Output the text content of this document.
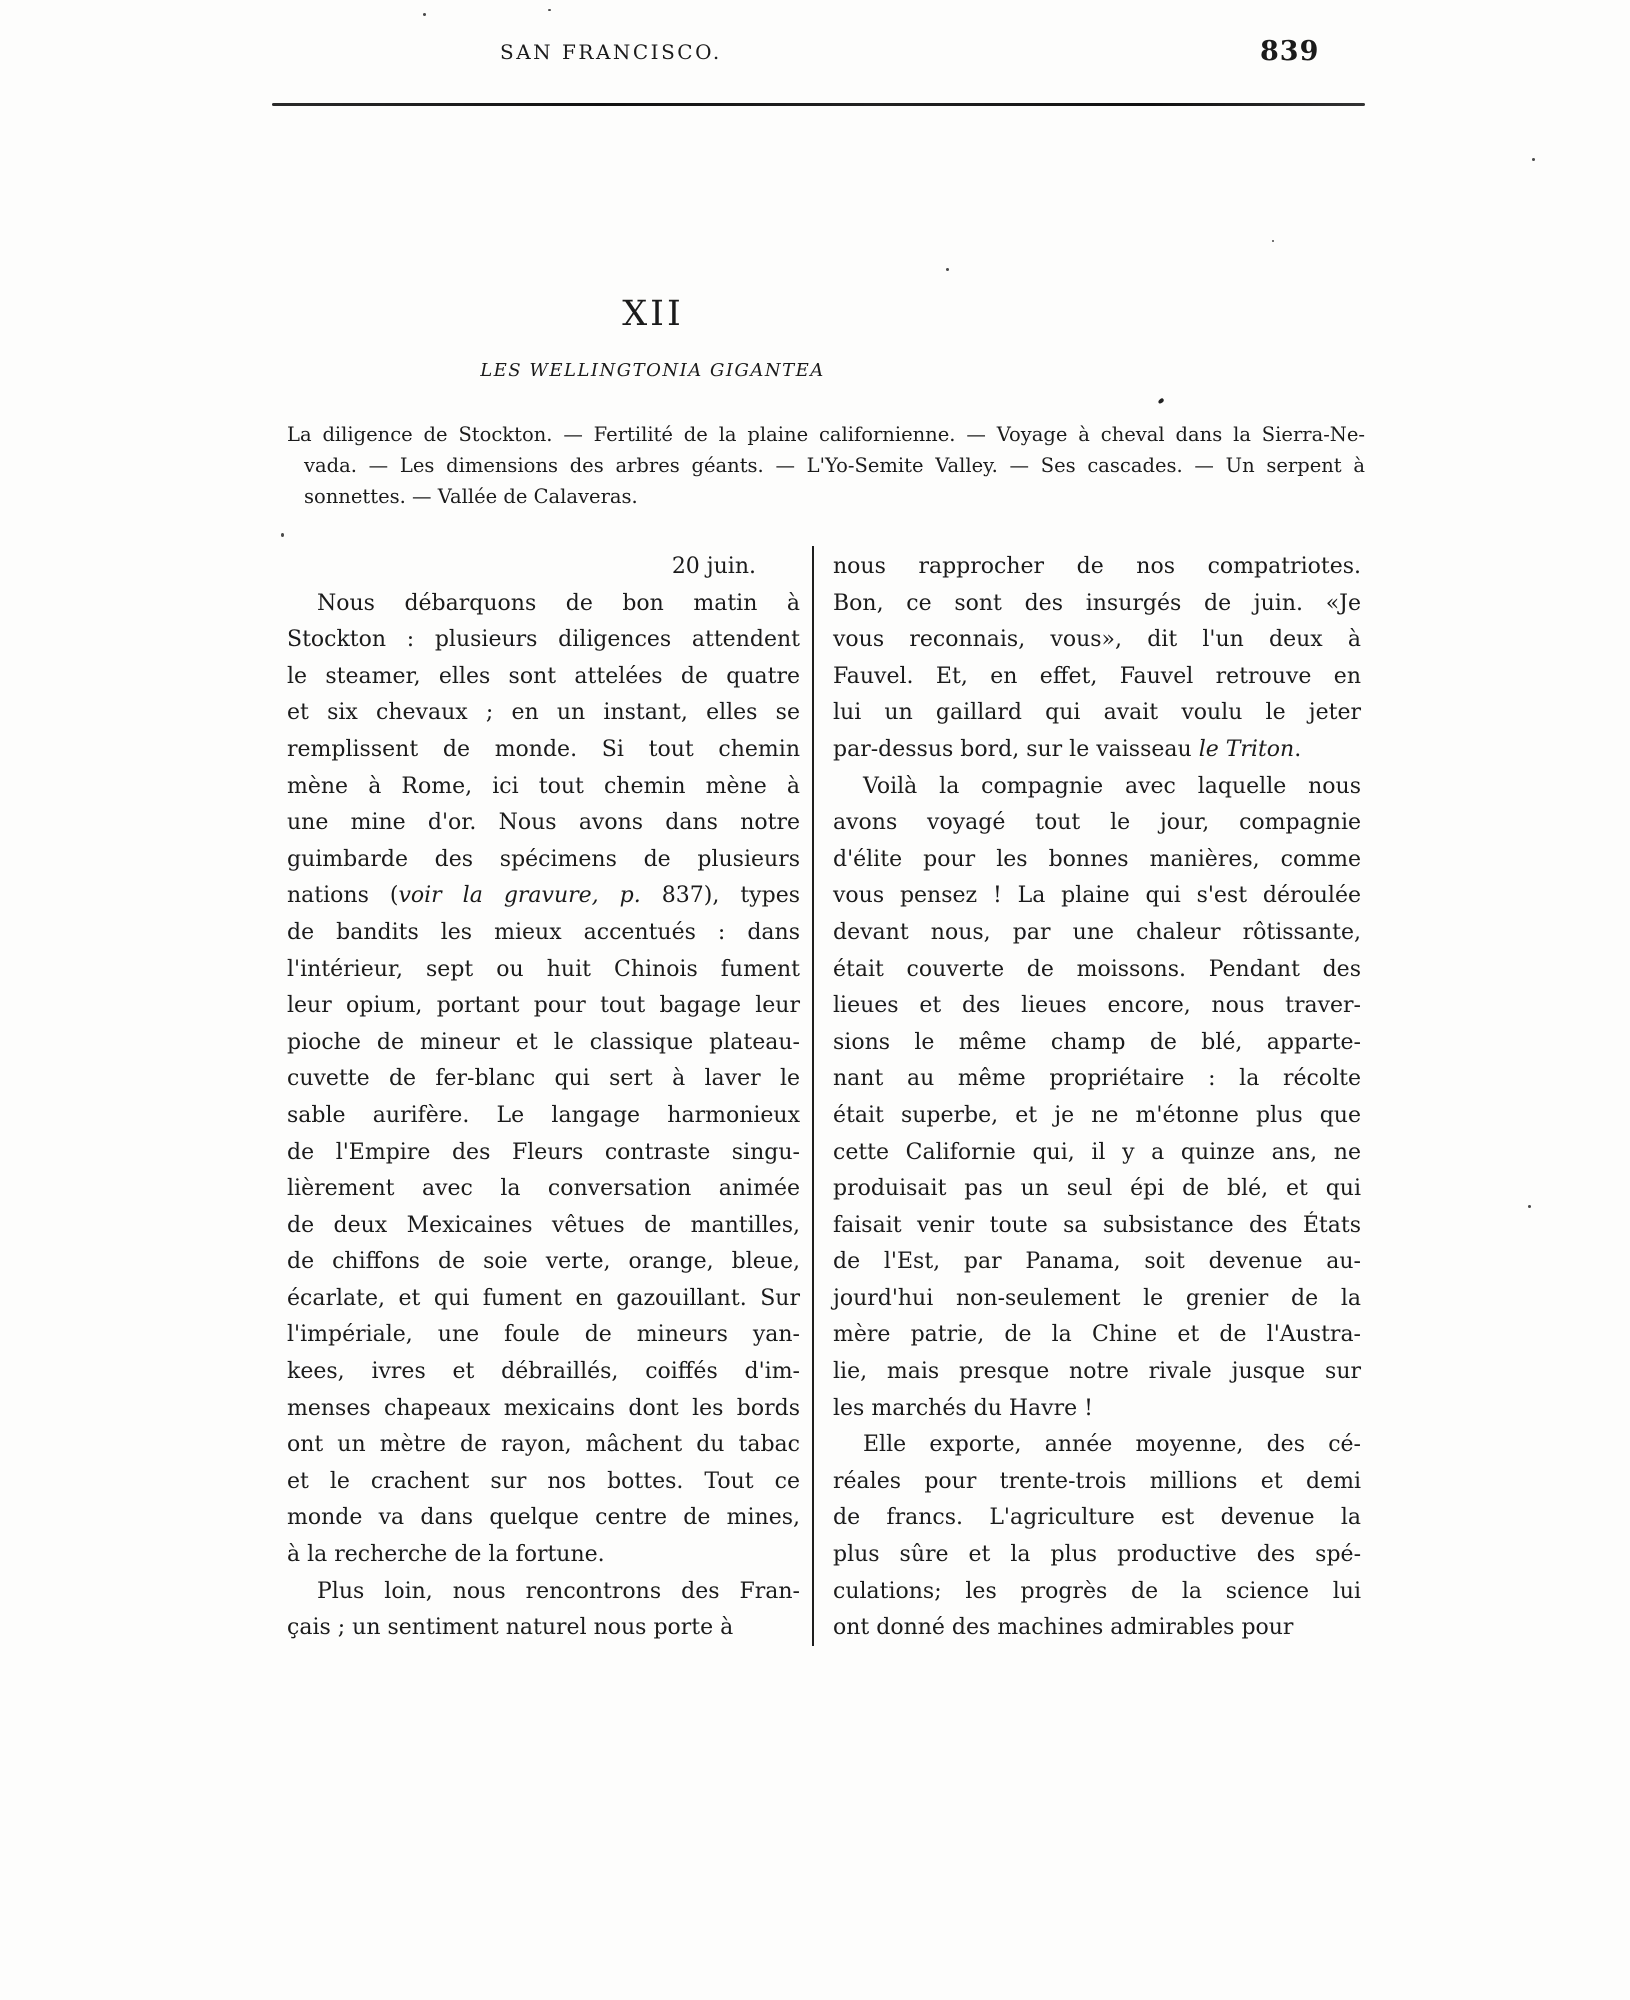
SAN FRANCISCO.	839
XII
LES WELLINGTONIA GIGANTEA
La diligence de Stockton. — Fertilité de la plaine californienne. — Voyage à cheval dans la Sierra-Ne-
vada. — Les dimensions des arbres géants. — L'Yo-Semite Valley. — Ses cascades. — Un serpent à
sonnettes. — Vallée de Calaveras.
20 juin.
Nous débarquons de bon matin à
Stockton : plusieurs diligences attendent
le steamer, elles sont attelées de quatre
et six chevaux ; en un instant, elles se
remplissent de monde. Si tout chemin
mène à Rome, ici tout chemin mène à
une mine d'or. Nous avons dans notre
guimbarde des spécimens de plusieurs
nations (voir la gravure, p. 837), types
de bandits les mieux accentués : dans
l'intérieur, sept ou huit Chinois fument
leur opium, portant pour tout bagage leur
pioche de mineur et le classique plateau-
cuvette de fer-blanc qui sert à laver le
sable aurifère. Le langage harmonieux
de l'Empire des Fleurs contraste singu-
lièrement avec la conversation animée
de deux Mexicaines vêtues de mantilles,
de chiffons de soie verte, orange, bleue,
écarlate, et qui fument en gazouillant. Sur
l'impériale, une foule de mineurs yan-
kees, ivres et débraillés, coiffés d'im-
menses chapeaux mexicains dont les bords
ont un mètre de rayon, mâchent du tabac
et le crachent sur nos bottes. Tout ce
monde va dans quelque centre de mines,
à la recherche de la fortune.
Plus loin, nous rencontrons des Fran-
çais ; un sentiment naturel nous porte à
nous rapprocher de nos compatriotes.
Bon, ce sont des insurgés de juin. «Je
vous reconnais, vous», dit l'un deux à
Fauvel. Et, en effet, Fauvel retrouve en
lui un gaillard qui avait voulu le jeter
par-dessus bord, sur le vaisseau le Triton.
Voilà la compagnie avec laquelle nous
avons voyagé tout le jour, compagnie
d'élite pour les bonnes manières, comme
vous pensez ! La plaine qui s'est déroulée
devant nous, par une chaleur rôtissante,
était couverte de moissons. Pendant des
lieues et des lieues encore, nous traver-
sions le même champ de blé, apparte-
nant au même propriétaire : la récolte
était superbe, et je ne m'étonne plus que
cette Californie qui, il y a quinze ans, ne
produisait pas un seul épi de blé, et qui
faisait venir toute sa subsistance des États
de l'Est, par Panama, soit devenue au-
jourd'hui non-seulement le grenier de la
mère patrie, de la Chine et de l'Austra-
lie, mais presque notre rivale jusque sur
les marchés du Havre !
Elle exporte, année moyenne, des cé-
réales pour trente-trois millions et demi
de francs. L'agriculture est devenue la
plus sûre et la plus productive des spé-
culations; les progrès de la science lui
ont donné des machines admirables pour
